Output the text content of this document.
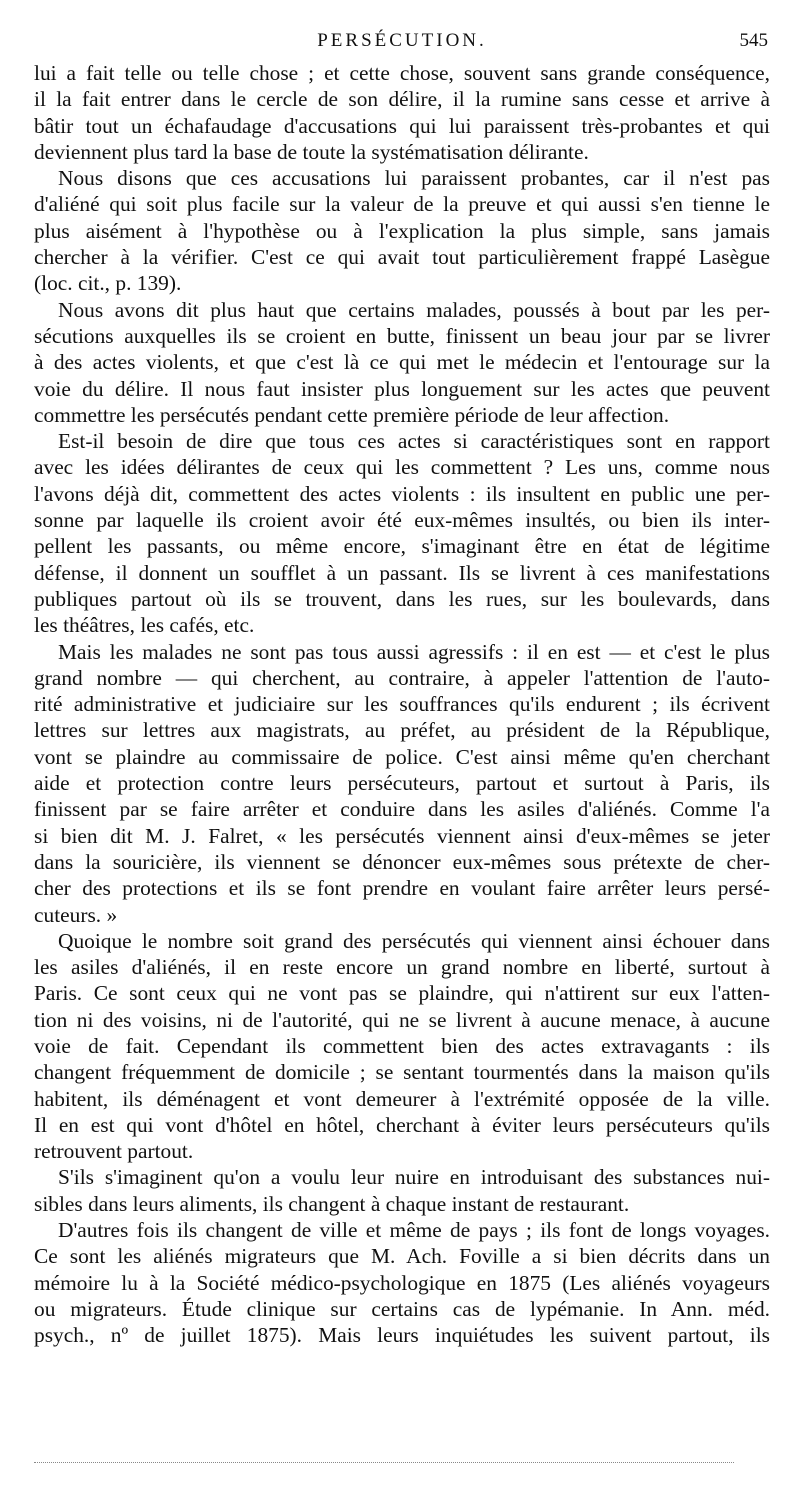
PERSÉCUTION.	545
lui a fait telle ou telle chose ; et cette chose, souvent sans grande conséquence,
il la fait entrer dans le cercle de son délire, il la rumine sans cesse et arrive à
bâtir tout un échafaudage d'accusations qui lui paraissent très-probantes et qui
deviennent plus tard la base de toute la systématisation délirante.
Nous disons que ces accusations lui paraissent probantes, car il n'est pas
d'aliéné qui soit plus facile sur la valeur de la preuve et qui aussi s'en tienne le
plus aisément à l'hypothèse ou à l'explication la plus simple, sans jamais
chercher à la vérifier. C'est ce qui avait tout particulièrement frappé Lasègue
(loc. cit., p. 139).
Nous avons dit plus haut que certains malades, poussés à bout par les per-
sécutions auxquelles ils se croient en butte, finissent un beau jour par se livrer
à des actes violents, et que c'est là ce qui met le médecin et l'entourage sur la
voie du délire. Il nous faut insister plus longuement sur les actes que peuvent
commettre les persécutés pendant cette première période de leur affection.
Est-il besoin de dire que tous ces actes si caractéristiques sont en rapport
avec les idées délirantes de ceux qui les commettent ? Les uns, comme nous
l'avons déjà dit, commettent des actes violents : ils insultent en public une per-
sonne par laquelle ils croient avoir été eux-mêmes insultés, ou bien ils inter-
pellent les passants, ou même encore, s'imaginant être en état de légitime
défense, il donnent un soufflet à un passant. Ils se livrent à ces manifestations
publiques partout où ils se trouvent, dans les rues, sur les boulevards, dans
les théâtres, les cafés, etc.
Mais les malades ne sont pas tous aussi agressifs : il en est — et c'est le plus
grand nombre — qui cherchent, au contraire, à appeler l'attention de l'auto-
rité administrative et judiciaire sur les souffrances qu'ils endurent ; ils écrivent
lettres sur lettres aux magistrats, au préfet, au président de la République,
vont se plaindre au commissaire de police. C'est ainsi même qu'en cherchant
aide et protection contre leurs persécuteurs, partout et surtout à Paris, ils
finissent par se faire arrêter et conduire dans les asiles d'aliénés. Comme l'a
si bien dit M. J. Falret, « les persécutés viennent ainsi d'eux-mêmes se jeter
dans la souricière, ils viennent se dénoncer eux-mêmes sous prétexte de cher-
cher des protections et ils se font prendre en voulant faire arrêter leurs persé-
cuteurs. »
Quoique le nombre soit grand des persécutés qui viennent ainsi échouer dans
les asiles d'aliénés, il en reste encore un grand nombre en liberté, surtout à
Paris. Ce sont ceux qui ne vont pas se plaindre, qui n'attirent sur eux l'atten-
tion ni des voisins, ni de l'autorité, qui ne se livrent à aucune menace, à aucune
voie de fait. Cependant ils commettent bien des actes extravagants : ils
changent fréquemment de domicile ; se sentant tourmentés dans la maison qu'ils
habitent, ils déménagent et vont demeurer à l'extrémité opposée de la ville.
Il en est qui vont d'hôtel en hôtel, cherchant à éviter leurs persécuteurs qu'ils
retrouvent partout.
S'ils s'imaginent qu'on a voulu leur nuire en introduisant des substances nui-
sibles dans leurs aliments, ils changent à chaque instant de restaurant.
D'autres fois ils changent de ville et même de pays ; ils font de longs voyages.
Ce sont les aliénés migrateurs que M. Ach. Foville a si bien décrits dans un
mémoire lu à la Société médico-psychologique en 1875 (Les aliénés voyageurs
ou migrateurs. Étude clinique sur certains cas de lypémanie. In Ann. méd.
psych., nº de juillet 1875). Mais leurs inquiétudes les suivent partout, ils
